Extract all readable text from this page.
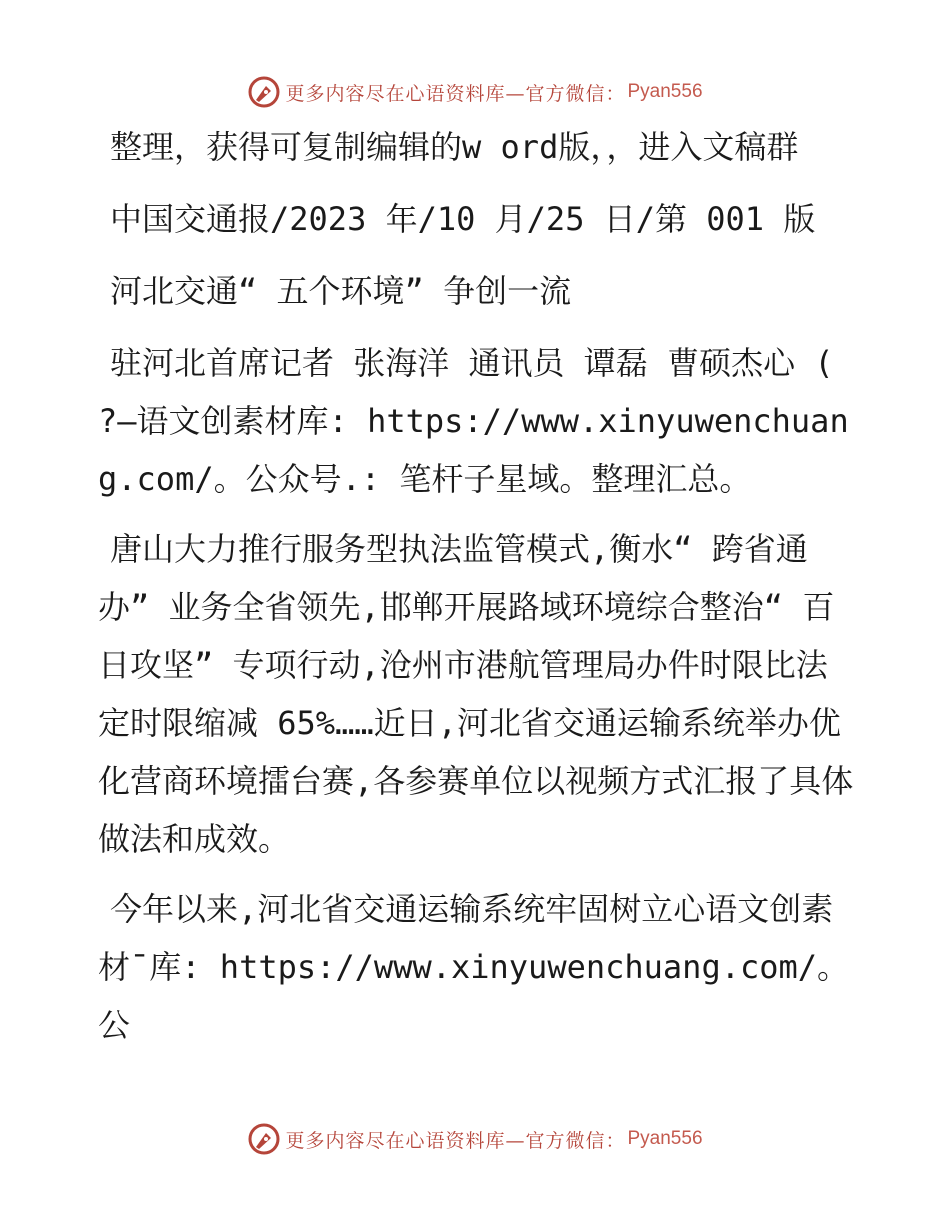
更多内容尽在心语资料库—官方微信： Pyan556

整理，获得可复制编辑的w ord版，，进入文稿群

中国交通报/2023 年/10 月/25 日/第 001 版

河北交通“ 五个环境” 争创一流

驻河北首席记者 张海洋 通讯员 谭磊 曹硕杰心 ( ?—语文创素材库: https://www.xinyuwenchuang.com/。公众号.: 笔杆子星域。整理汇总。

唐山大力推行服务型执法监管模式,衡水“ 跨省通办” 业务全省领先,邯郸开展路域环境综合整治“ 百日攻坚” 专项行动,沧州市港航管理局办件时限比法定时限缩减 65%……近日,河北省交通运输系统举办优化营商环境擂台赛,各参赛单位以视频方式汇报了具体做法和成效。

今年以来,河北省交通运输系统牢固树立心语文创素材¯库: https://www.xinyuwenchuang.com/。公

更多内容尽在心语资料库—官方微信： Pyan556
